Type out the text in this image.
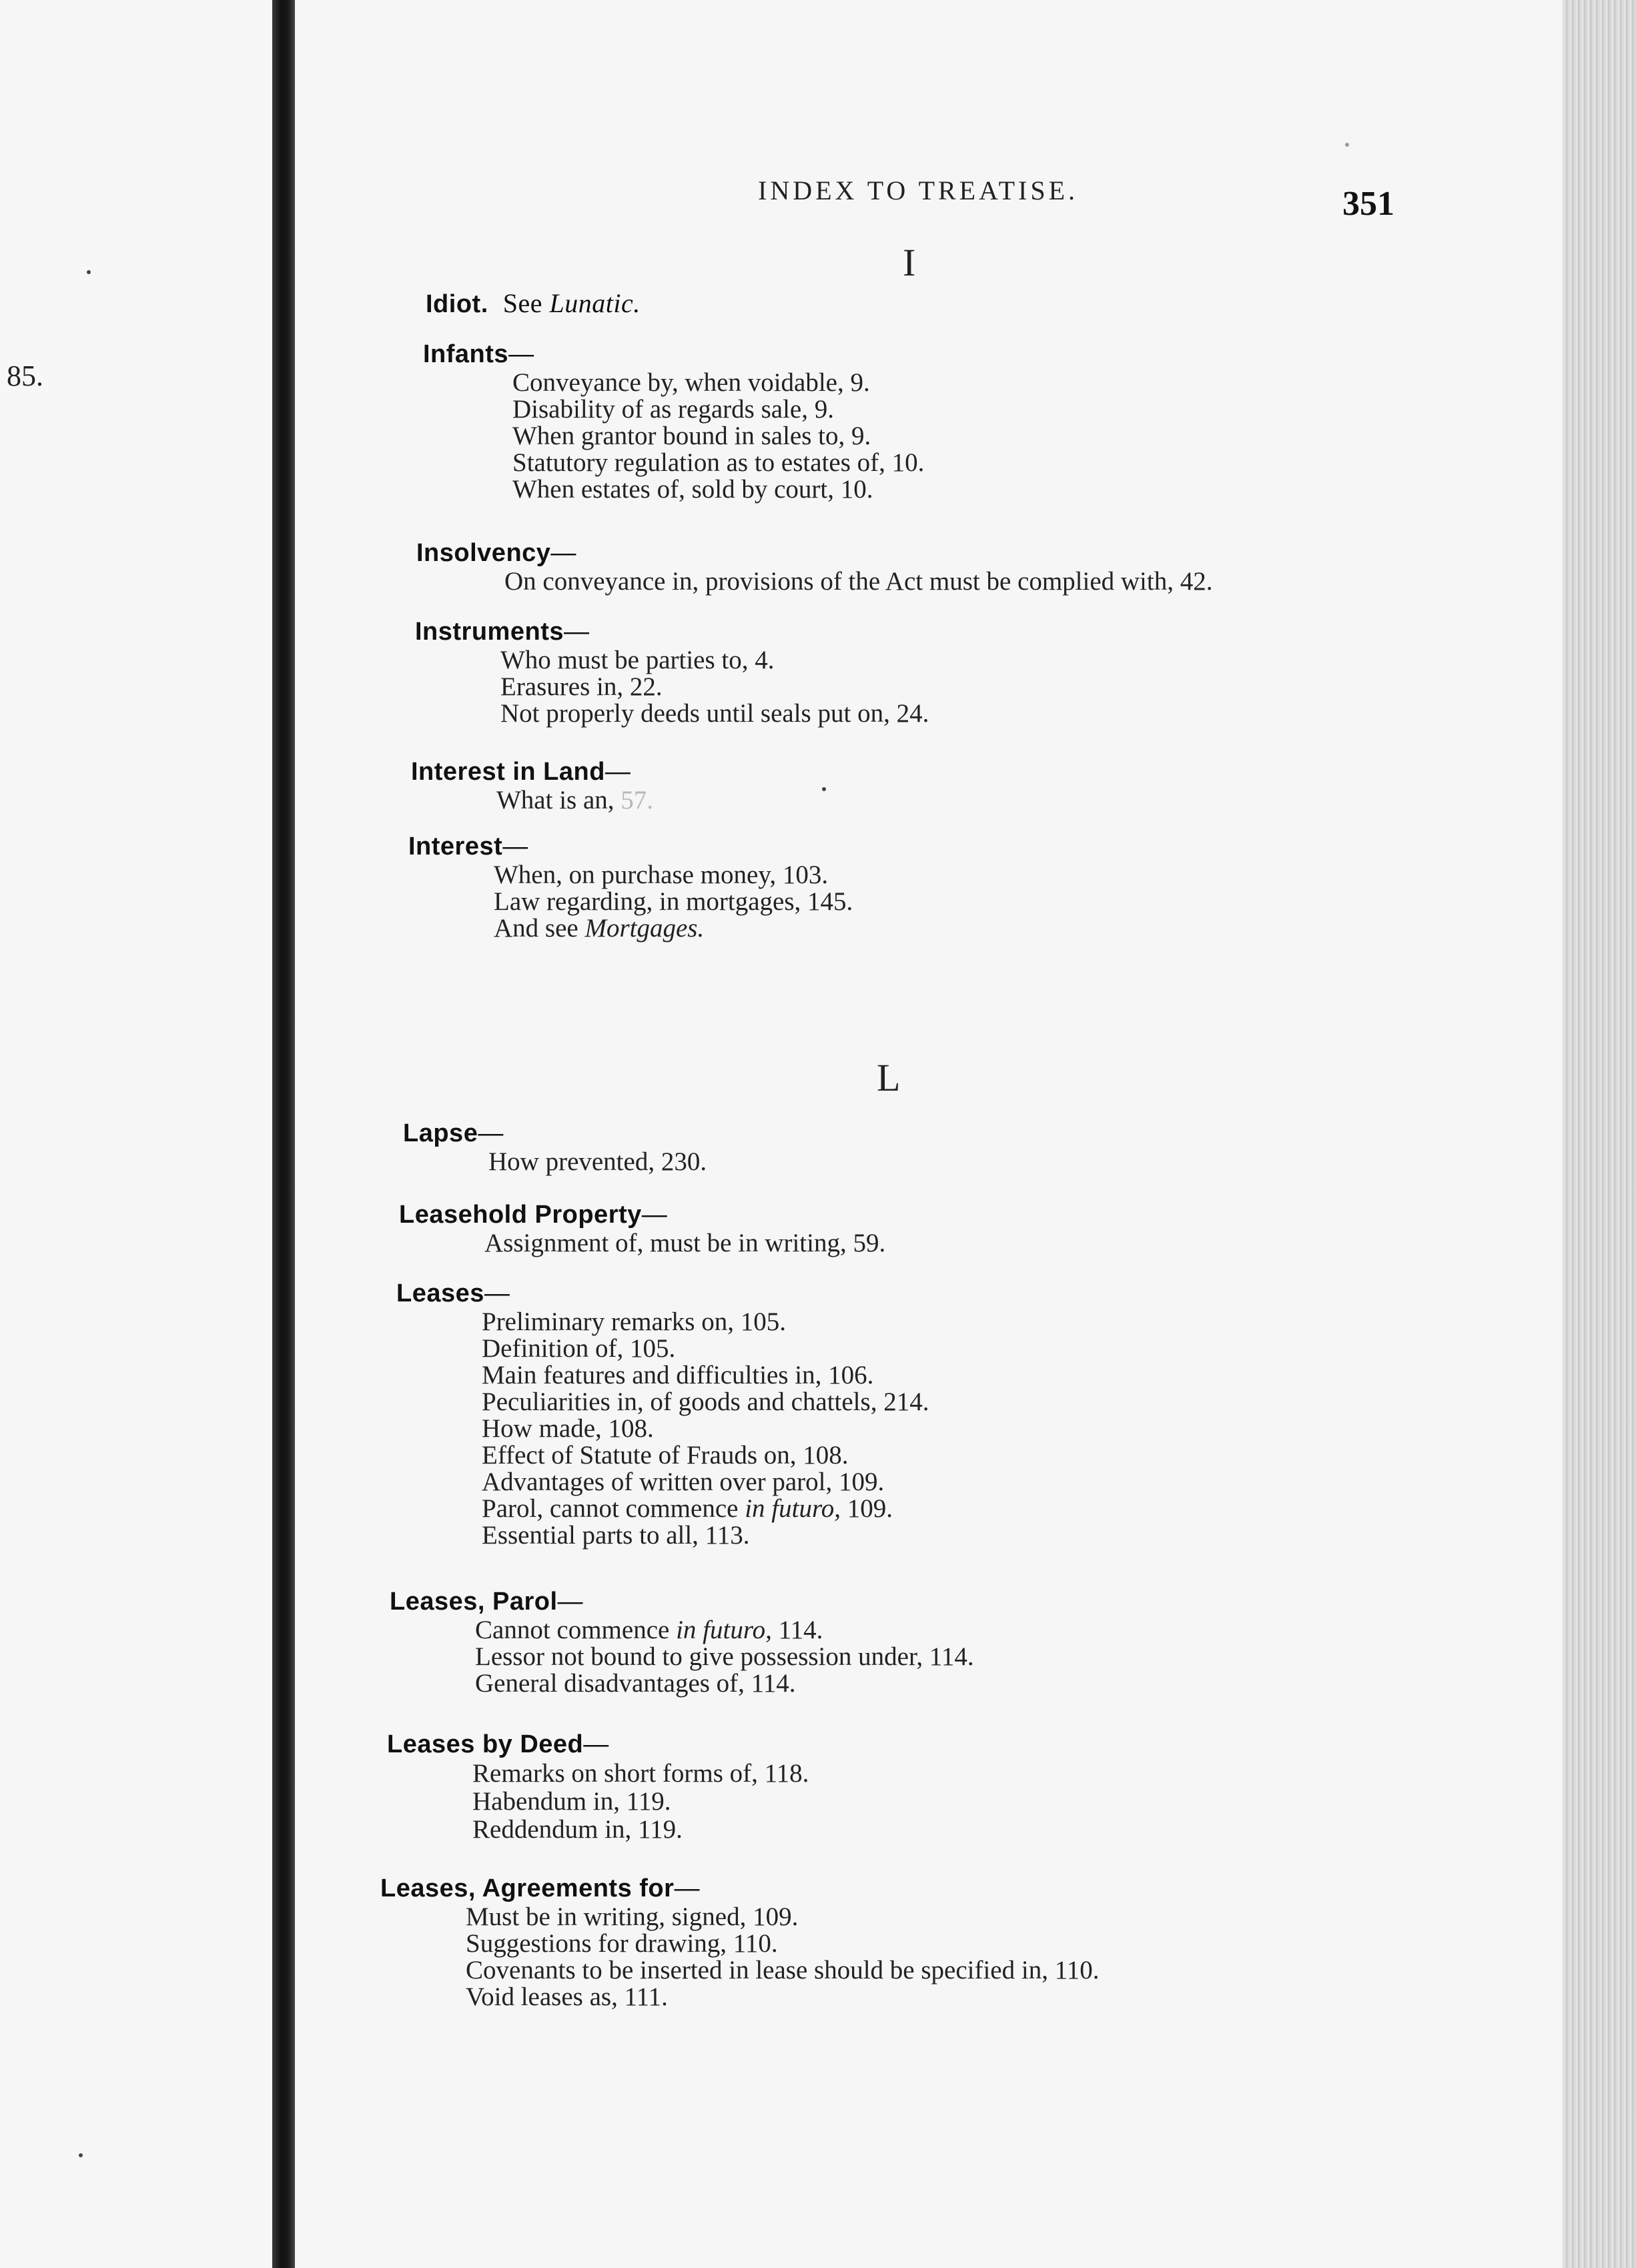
85.
INDEX TO TREATISE.	351
I
Idiot. See Lunatic.
Infants—
Conveyance by, when voidable, 9.
Disability of as regards sale, 9.
When grantor bound in sales to, 9.
Statutory regulation as to estates of, 10.
When estates of, sold by court, 10.
Insolvency—
On conveyance in, provisions of the Act must be complied with, 42.
Instruments—
Who must be parties to, 4.
Erasures in, 22.
Not properly deeds until seals put on, 24.
Interest in Land—
What is an, 57.
Interest—
When, on purchase money, 103.
Law regarding, in mortgages, 145.
And see Mortgages.
L
Lapse—
How prevented, 230.
Leasehold Property—
Assignment of, must be in writing, 59.
Leases—
Preliminary remarks on, 105.
Definition of, 105.
Main features and difficulties in, 106.
Peculiarities in, of goods and chattels, 214.
How made, 108.
Effect of Statute of Frauds on, 108.
Advantages of written over parol, 109.
Parol, cannot commence in futuro, 109.
Essential parts to all, 113.
Leases, Parol—
Cannot commence in futuro, 114.
Lessor not bound to give possession under, 114.
General disadvantages of, 114.
Leases by Deed—
Remarks on short forms of, 118.
Habendum in, 119.
Reddendum in, 119.
Leases, Agreements for—
Must be in writing, signed, 109.
Suggestions for drawing, 110.
Covenants to be inserted in lease should be specified in, 110.
Void leases as, 111.
